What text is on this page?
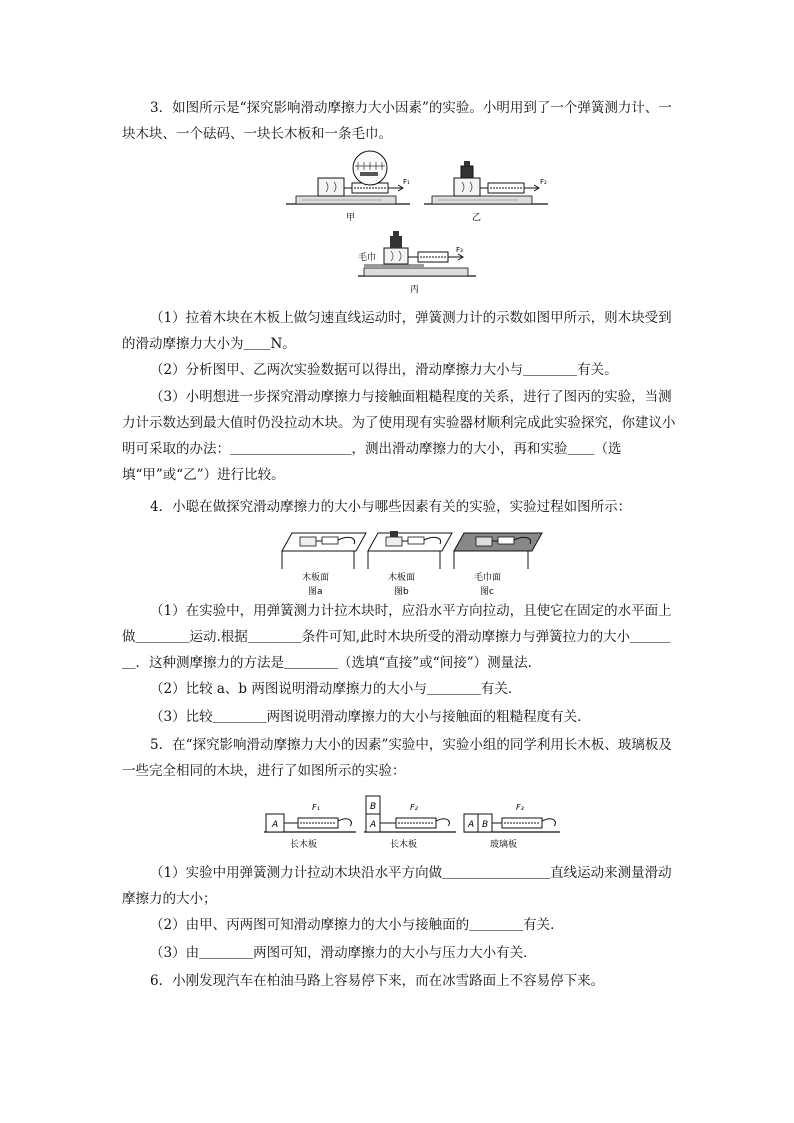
3．如图所示是“探究影响滑动摩擦力大小因素”的实验。小明用到了一个弹簧测力计、一块木块、一个砝码、一块长木板和一条毛巾。
F₁
甲
F₂
乙
F₃
毛巾
丙
（1）拉着木块在木板上做匀速直线运动时，弹簧测力计的示数如图甲所示，则木块受到的滑动摩擦力大小为＿＿N。
（2）分析图甲、乙两次实验数据可以得出，滑动摩擦力大小与＿＿＿＿有关。
（3）小明想进一步探究滑动摩擦力与接触面粗糙程度的关系，进行了图丙的实验，当测力计示数达到最大值时仍没拉动木块。为了使用现有实验器材顺利完成此实验探究，你建议小明可采取的办法：＿＿＿＿＿＿＿＿＿，测出滑动摩擦力的大小，再和实验＿＿（选填“甲”或“乙”）进行比较。
4．小聪在做探究滑动摩擦力的大小与哪些因素有关的实验，实验过程如图所示：
木板面
图a
木板面
图b
毛巾面
图c
（1）在实验中，用弹簧测力计拉木块时，应沿水平方向拉动，且使它在固定的水平面上做＿＿＿＿运动.根据＿＿＿＿条件可知,此时木块所受的滑动摩擦力与弹簧拉力的大小＿＿＿＿．这种测摩擦力的方法是＿＿＿＿（选填“直接”或“间接”）测量法．
（2）比较 a、b 两图说明滑动摩擦力的大小与＿＿＿＿有关．
（3）比较＿＿＿＿两图说明滑动摩擦力的大小与接触面的粗糙程度有关．
5．在“探究影响滑动摩擦力大小的因素”实验中，实验小组的同学利用长木板、玻璃板及一些完全相同的木块，进行了如图所示的实验：
A
F₁
长木板
A
B	F₂
长木板
A B
F₃
玻璃板
（1）实验中用弹簧测力计拉动木块沿水平方向做＿＿＿＿＿＿＿＿直线运动来测量滑动摩擦力的大小；
（2）由甲、丙两图可知滑动摩擦力的大小与接触面的＿＿＿＿有关．
（3）由＿＿＿＿两图可知，滑动摩擦力的大小与压力大小有关．
6．小刚发现汽车在柏油马路上容易停下来，而在冰雪路面上不容易停下来。
